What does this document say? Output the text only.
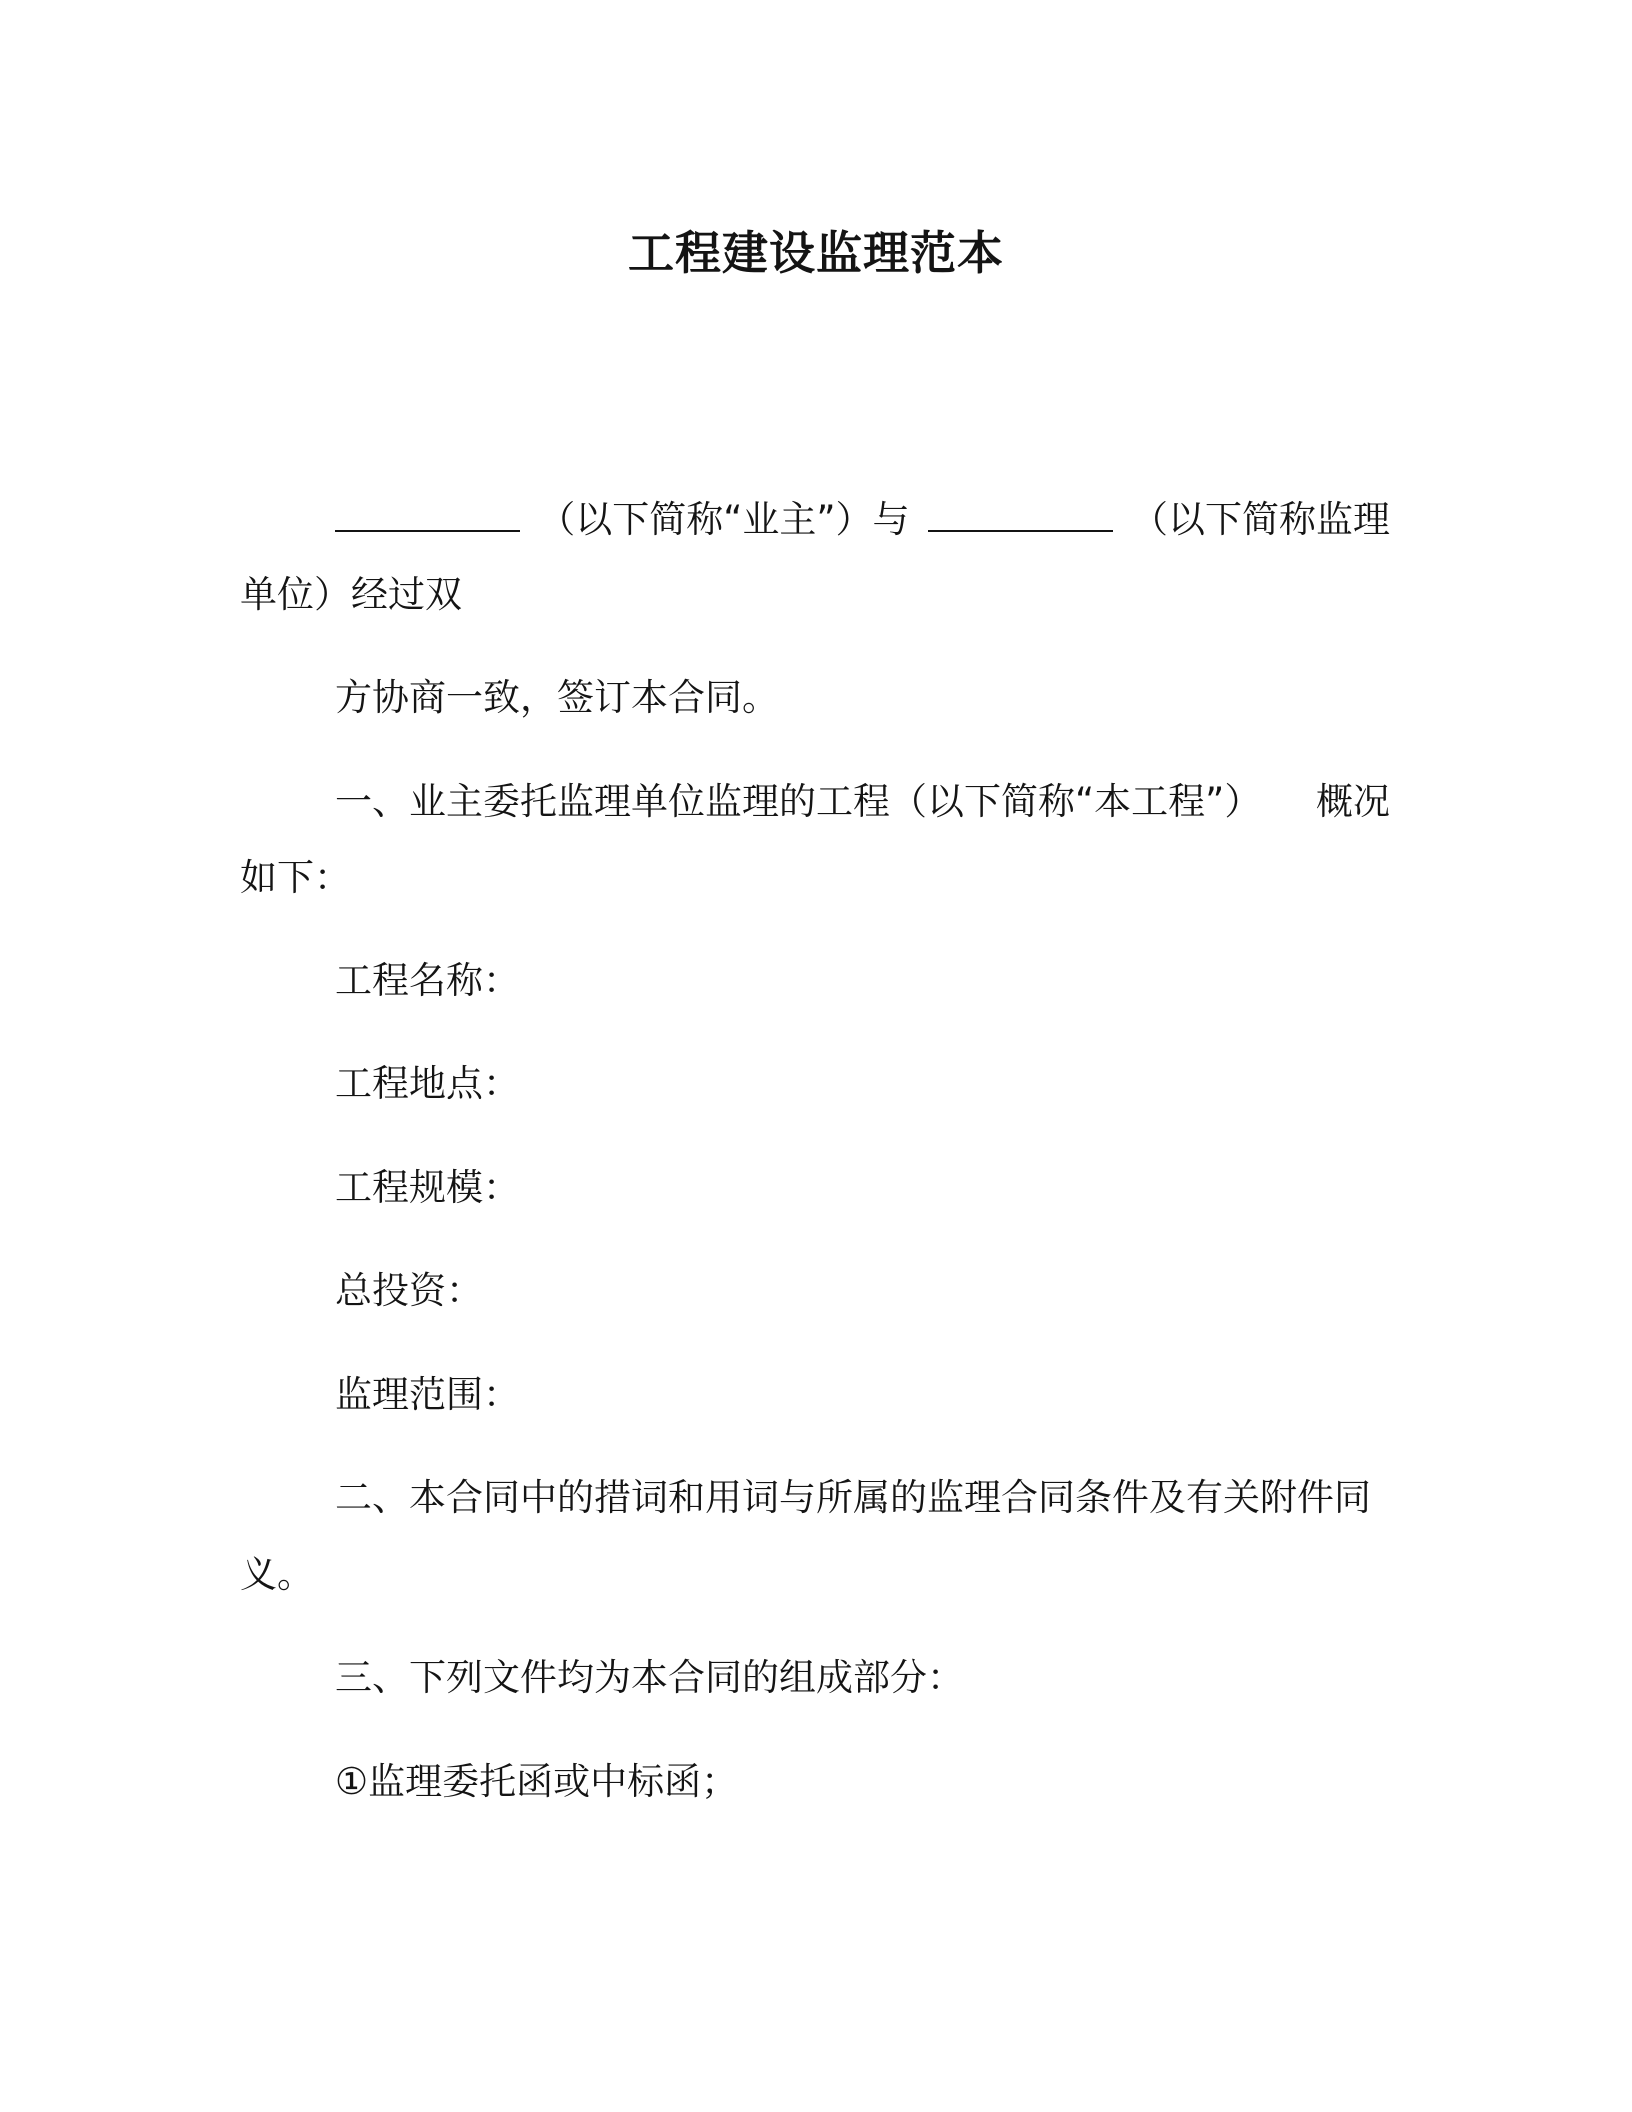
工程建设监理范本
（以下简称“业主”）与	（以下简称监理

单位）经过双

方协商一致，签订本合同。

一、业主委托监理单位监理的工程（以下简称“本工程”） 概况

如下：

工程名称：

工程地点：

工程规模：

总投资：

监理范围：

二、本合同中的措词和用词与所属的监理合同条件及有关附件同

义。

三、下列文件均为本合同的组成部分：

①监理委托函或中标函；
